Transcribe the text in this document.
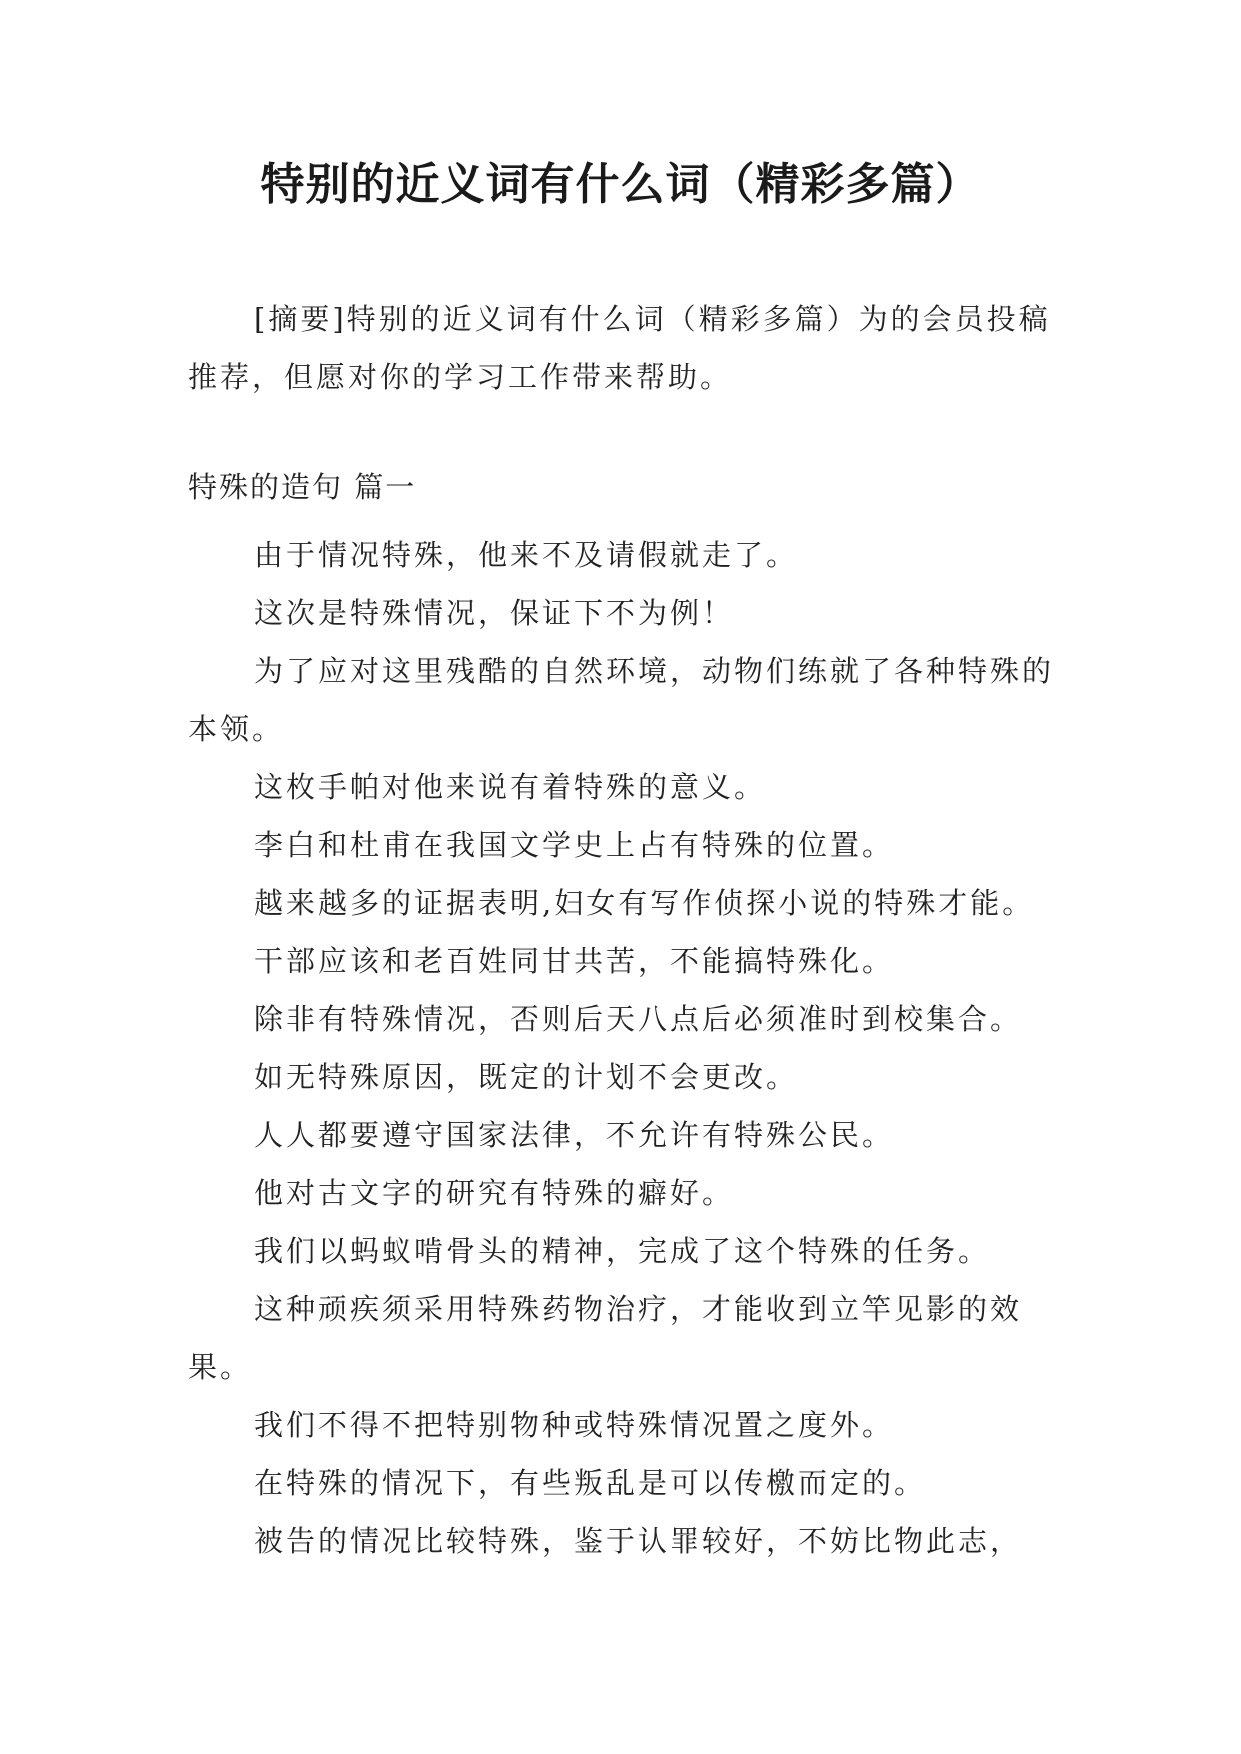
特别的近义词有什么词（精彩多篇）

[摘要]特别的近义词有什么词（精彩多篇）为的会员投稿推荐，但愿对你的学习工作带来帮助。

特殊的造句 篇一
由于情况特殊，他来不及请假就走了。
这次是特殊情况，保证下不为例！
为了应对这里残酷的自然环境，动物们练就了各种特殊的本领。
这枚手帕对他来说有着特殊的意义。
李白和杜甫在我国文学史上占有特殊的位置。
越来越多的证据表明,妇女有写作侦探小说的特殊才能。
干部应该和老百姓同甘共苦，不能搞特殊化。
除非有特殊情况，否则后天八点后必须准时到校集合。
如无特殊原因，既定的计划不会更改。
人人都要遵守国家法律，不允许有特殊公民。
他对古文字的研究有特殊的癖好。
我们以蚂蚁啃骨头的精神，完成了这个特殊的任务。
这种顽疾须采用特殊药物治疗，才能收到立竿见影的效果。
我们不得不把特别物种或特殊情况置之度外。
在特殊的情况下，有些叛乱是可以传檄而定的。
被告的情况比较特殊，鉴于认罪较好，不妨比物此志，
